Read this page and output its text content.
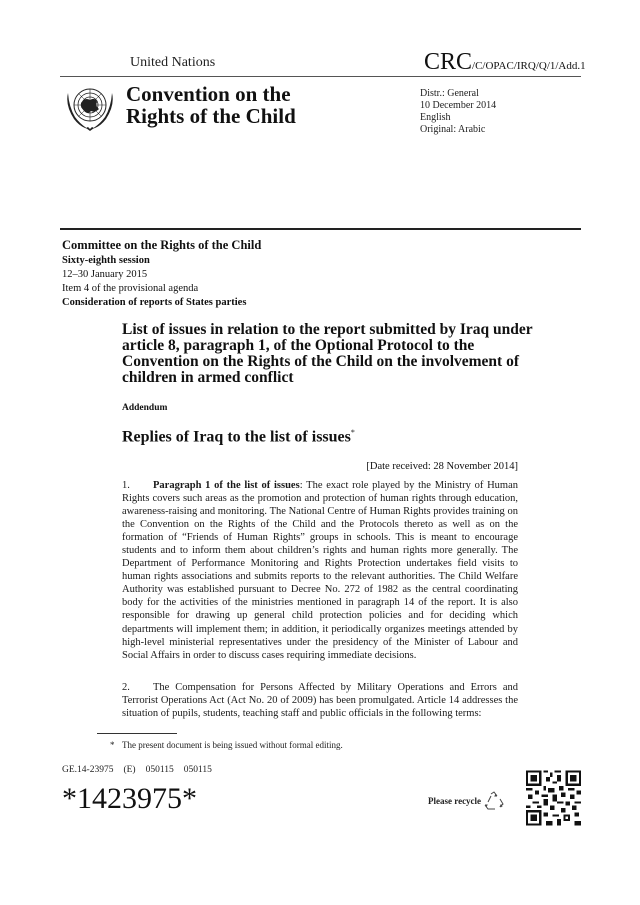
United Nations	CRC/C/OPAC/IRQ/Q/1/Add.1
Convention on the
Rights of the Child
Distr.: General
10 December 2014
English
Original: Arabic
Committee on the Rights of the Child
Sixty-eighth session
12–30 January 2015
Item 4 of the provisional agenda
Consideration of reports of States parties
List of issues in relation to the report submitted by Iraq under article 8, paragraph 1, of the Optional Protocol to the Convention on the Rights of the Child on the involvement of children in armed conflict
Addendum
Replies of Iraq to the list of issues*
[Date received: 28 November 2014]
1. Paragraph 1 of the list of issues: The exact role played by the Ministry of Human Rights covers such areas as the promotion and protection of human rights through education, awareness-raising and monitoring. The National Centre of Human Rights provides training on the Convention on the Rights of the Child and the Protocols thereto as well as on the formation of “Friends of Human Rights” groups in schools. This is meant to encourage students and to inform them about children’s rights and human rights more generally. The Department of Performance Monitoring and Rights Protection undertakes field visits to human rights associations and submits reports to the relevant authorities. The Child Welfare Authority was established pursuant to Decree No. 272 of 1982 as the central coordinating body for the activities of the ministries mentioned in paragraph 14 of the report. It is also responsible for drawing up general child protection policies and for deciding which departments will implement them; in addition, it periodically organizes meetings attended by high-level ministerial representatives under the presidency of the Minister of Labour and Social Affairs in order to discuss cases requiring immediate decisions.
2. The Compensation for Persons Affected by Military Operations and Errors and Terrorist Operations Act (Act No. 20 of 2009) has been promulgated. Article 14 addresses the situation of pupils, students, teaching staff and public officials in the following terms:
* The present document is being issued without formal editing.
GE.14-23975 (E) 050115 050115
*1423975*	Please recycle
